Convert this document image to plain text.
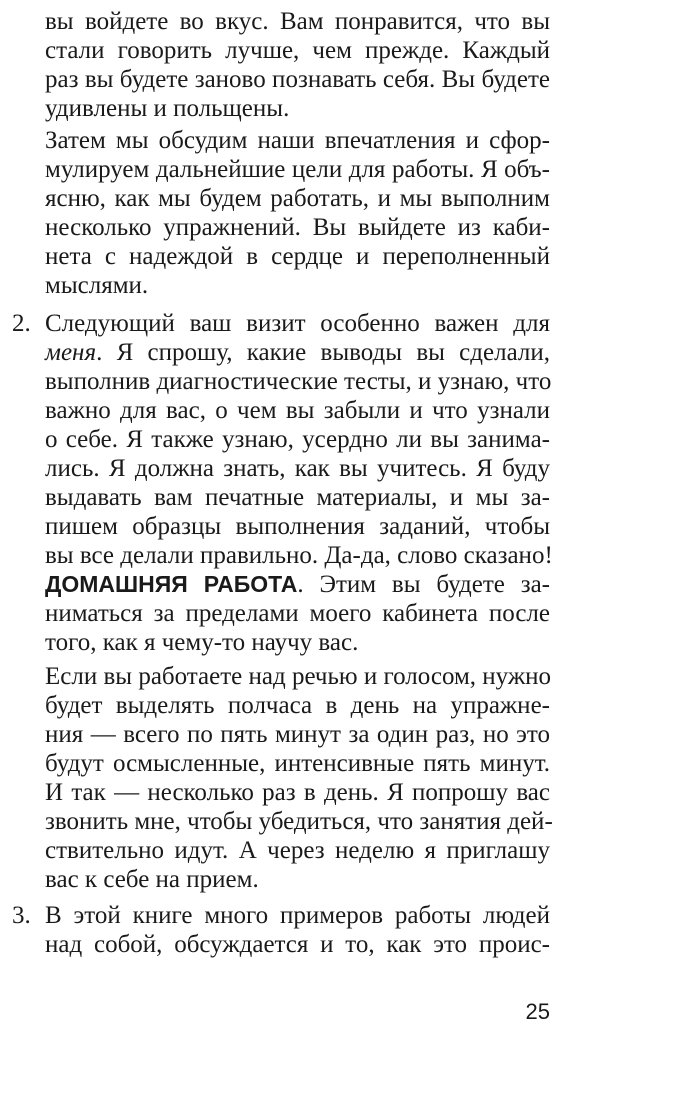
вы войдете во вкус. Вам понравится, что вы
стали говорить лучше, чем прежде. Каждый
раз вы будете заново познавать себя. Вы будете
удивлены и польщены.
Затем мы обсудим наши впечатления и сфор-
мулируем дальнейшие цели для работы. Я объ-
ясню, как мы будем работать, и мы выполним
несколько упражнений. Вы выйдете из каби-
нета с надеждой в сердце и переполненный
мыслями.
2. Следующий ваш визит особенно важен для
меня. Я спрошу, какие выводы вы сделали,
выполнив диагностические тесты, и узнаю, что
важно для вас, о чем вы забыли и что узнали
о себе. Я также узнаю, усердно ли вы занима-
лись. Я должна знать, как вы учитесь. Я буду
выдавать вам печатные материалы, и мы за-
пишем образцы выполнения заданий, чтобы
вы все делали правильно. Да-да, слово сказано!
ДОМАШНЯЯ РАБОТА. Этим вы будете за-
ниматься за пределами моего кабинета после
того, как я чему-то научу вас.
Если вы работаете над речью и голосом, нужно
будет выделять полчаса в день на упражне-
ния — всего по пять минут за один раз, но это
будут осмысленные, интенсивные пять минут.
И так — несколько раз в день. Я попрошу вас
звонить мне, чтобы убедиться, что занятия дей-
ствительно идут. А через неделю я приглашу
вас к себе на прием.
3. В этой книге много примеров работы людей
над собой, обсуждается и то, как это проис-
25
